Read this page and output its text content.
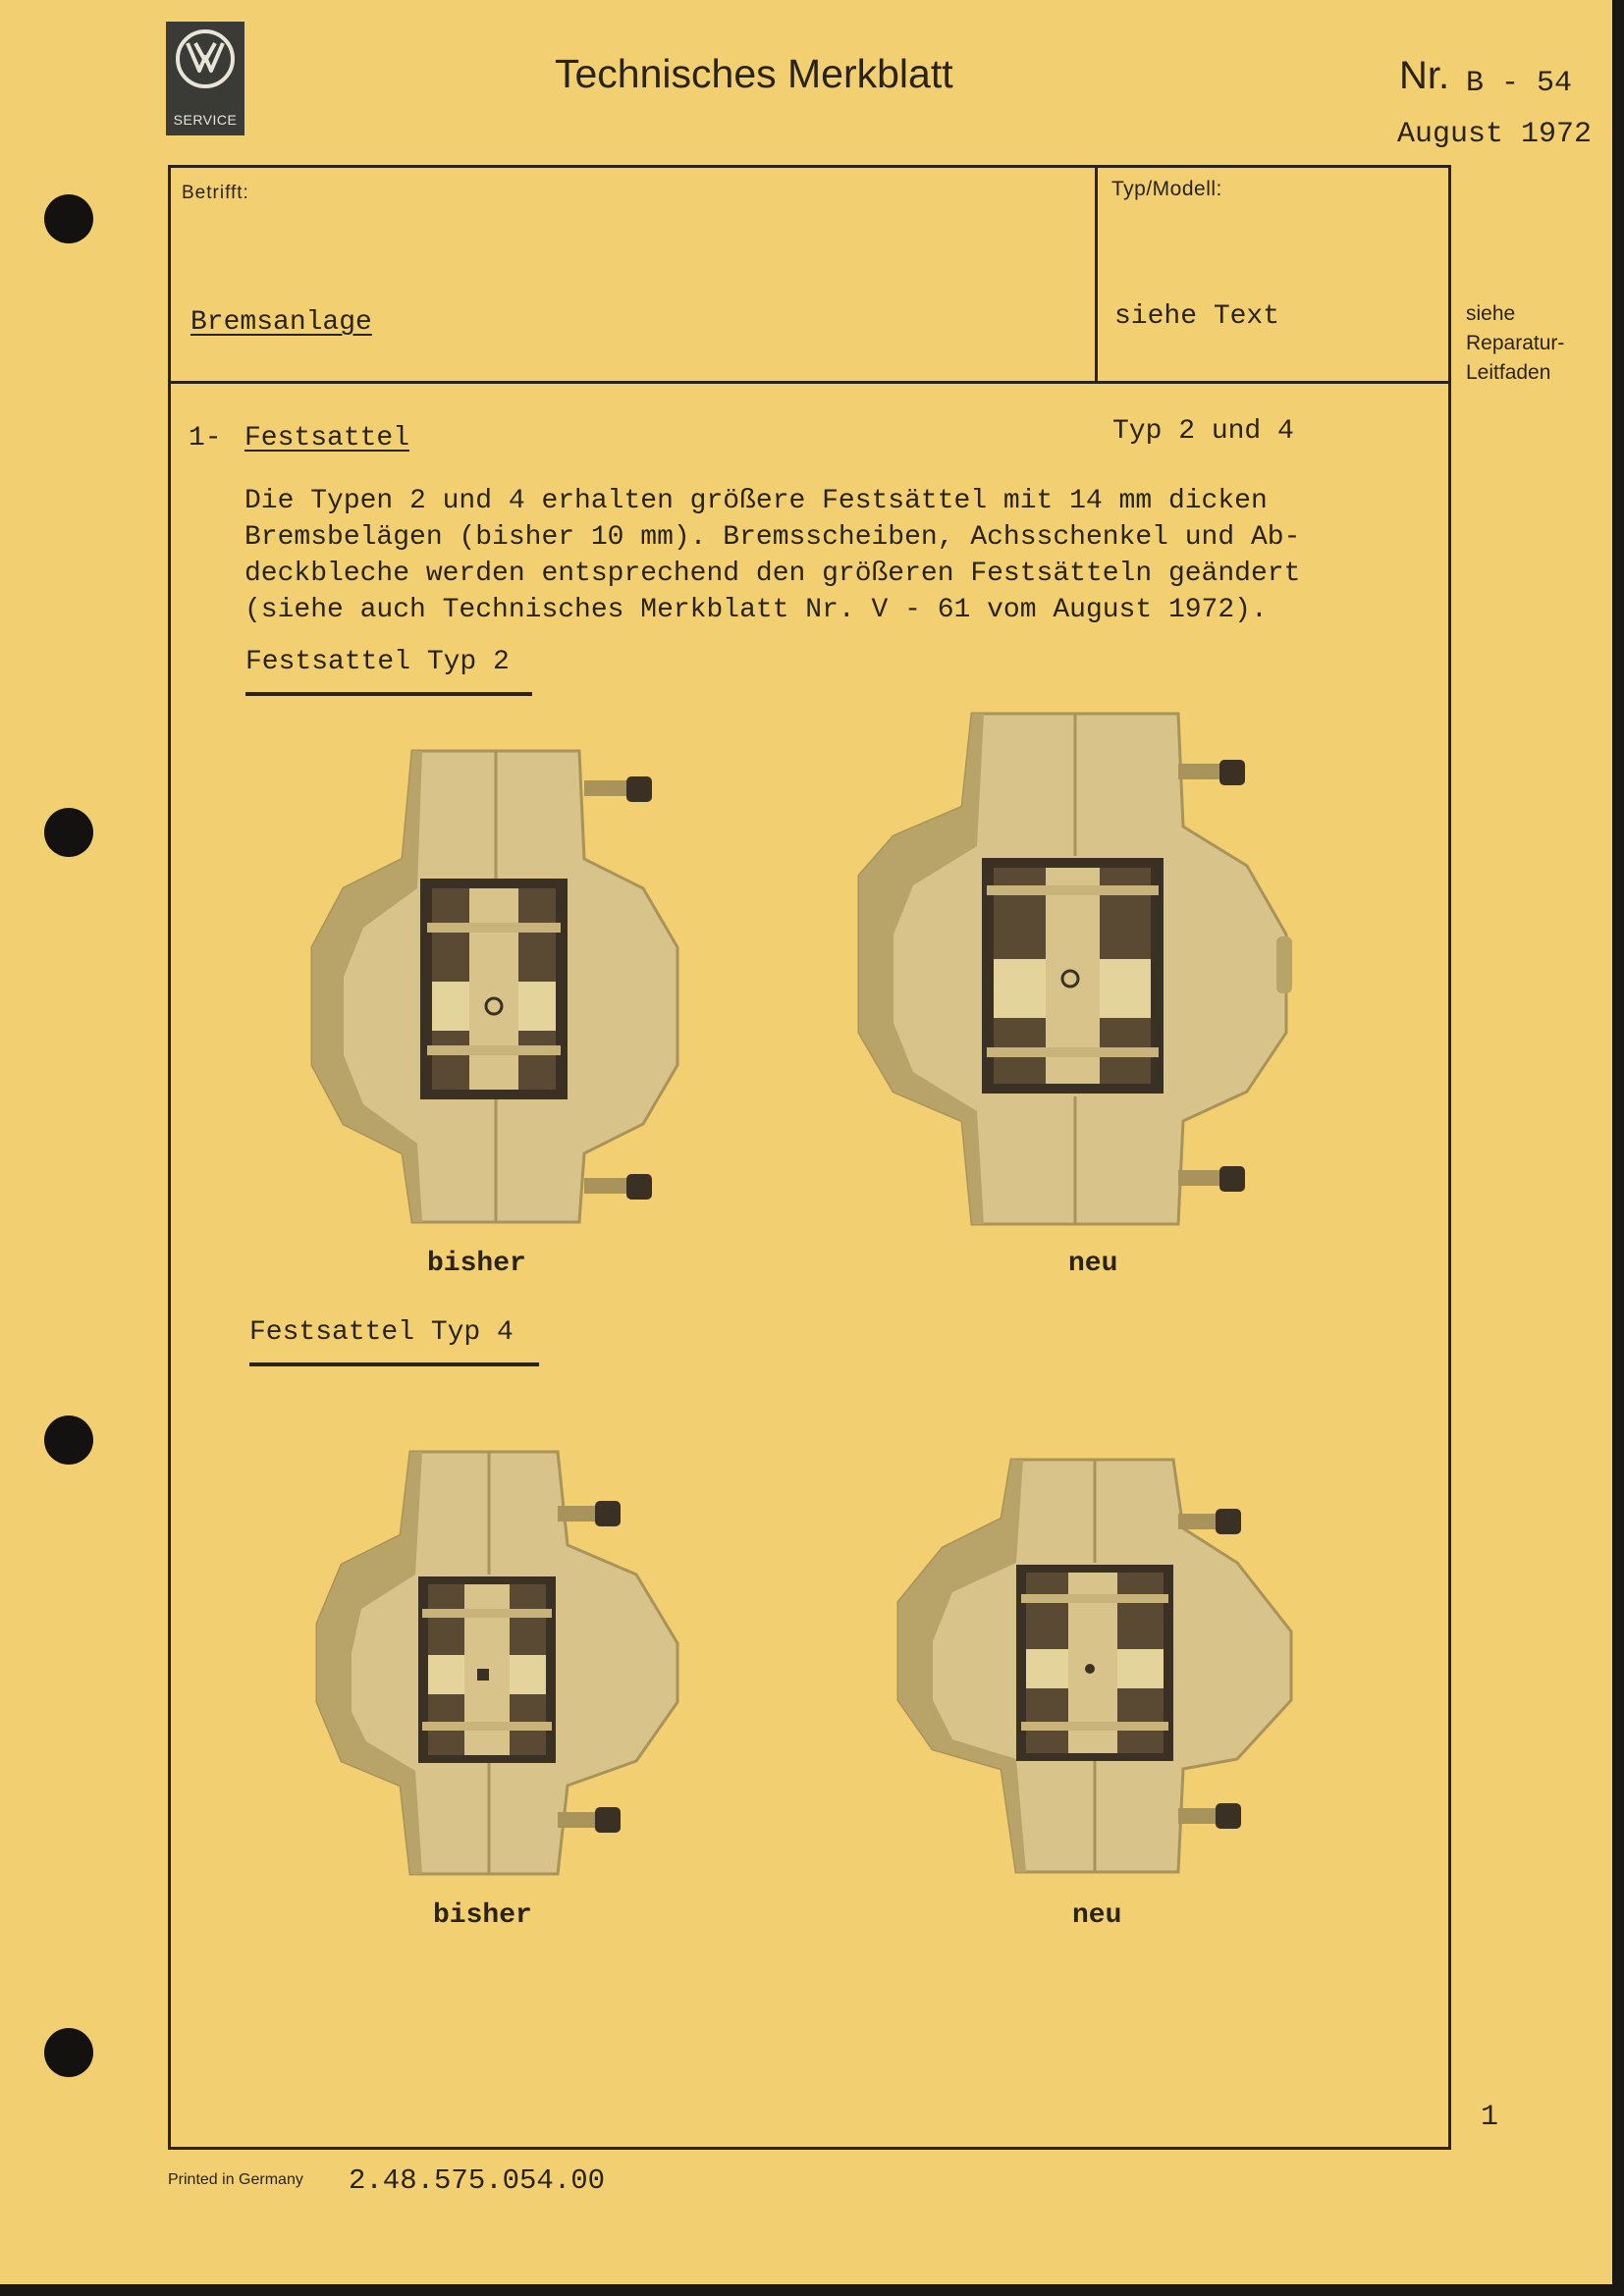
SERVICE
Technisches Merkblatt	Nr. B - 54
August 1972
Betrifft:	Typ/Modell:
Bremsanlage	siehe Text	siehe
Reparatur-
Leitfaden
1- Festsattel	Typ 2 und 4
Die Typen 2 und 4 erhalten größere Festsättel mit 14 mm dicken
Bremsbelägen (bisher 10 mm). Bremsscheiben, Achsschenkel und Ab-
deckbleche werden entsprechend den größeren Festsätteln geändert
(siehe auch Technisches Merkblatt Nr. V - 61 vom August 1972).
Festsattel Typ 2
bisher	neu
Festsattel Typ 4
bisher	neu
1
Printed in Germany 2.48.575.054.00
